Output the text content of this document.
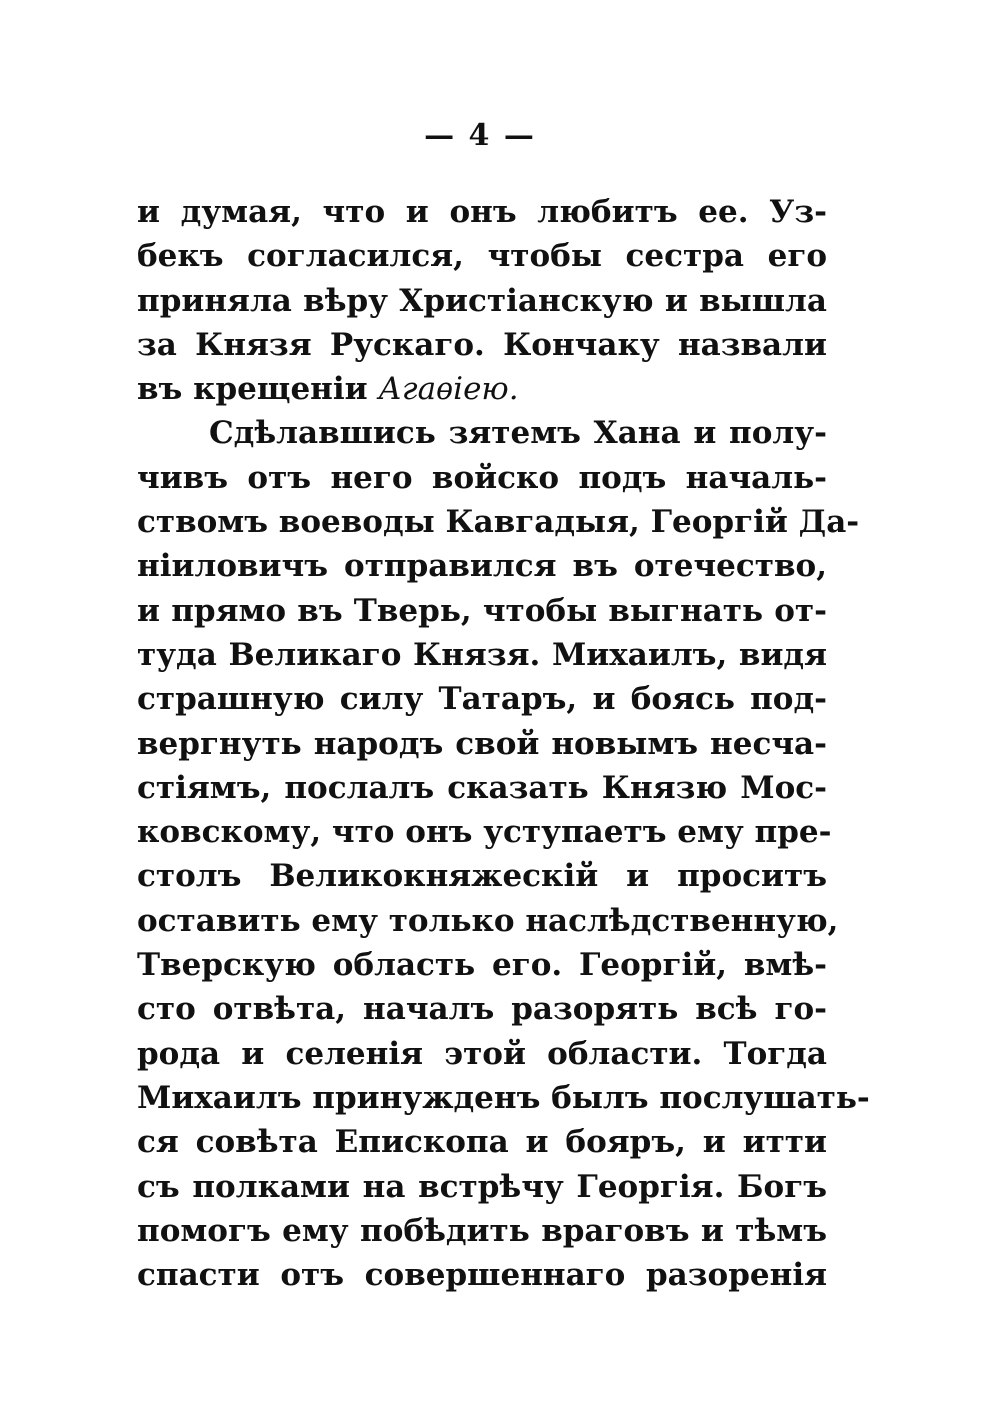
— 4 —
и думая, что и онъ любитъ ее. Уз-
бекъ согласился, чтобы сестра его
приняла вѣру Христіанскую и вышла
за Князя Рускаго. Кончаку назвали
въ крещеніи Агаѳіею.
Сдѣлавшись зятемъ Хана и полу-
чивъ отъ него войско подъ началь-
ствомъ воеводы Кавгадыя, Георгій Да-
ніиловичъ отправился въ отечество,
и прямо въ Тверь, чтобы выгнать от-
туда Великаго Князя. Михаилъ, видя
страшную силу Татаръ, и боясь под-
вергнуть народъ свой новымъ несча-
стіямъ, послалъ сказать Князю Мос-
ковскому, что онъ уступаетъ ему пре-
столъ Великокняжескій и проситъ
оставить ему только наслѣдственную,
Тверскую область его. Георгій, вмѣ-
сто отвѣта, началъ разорять всѣ го-
рода и селенія этой области. Тогда
Михаилъ принужденъ былъ послушать-
ся совѣта Епископа и бояръ, и итти
съ полками на встрѣчу Георгія. Богъ
помогъ ему побѣдить враговъ и тѣмъ
спасти отъ совершеннаго разоренія
